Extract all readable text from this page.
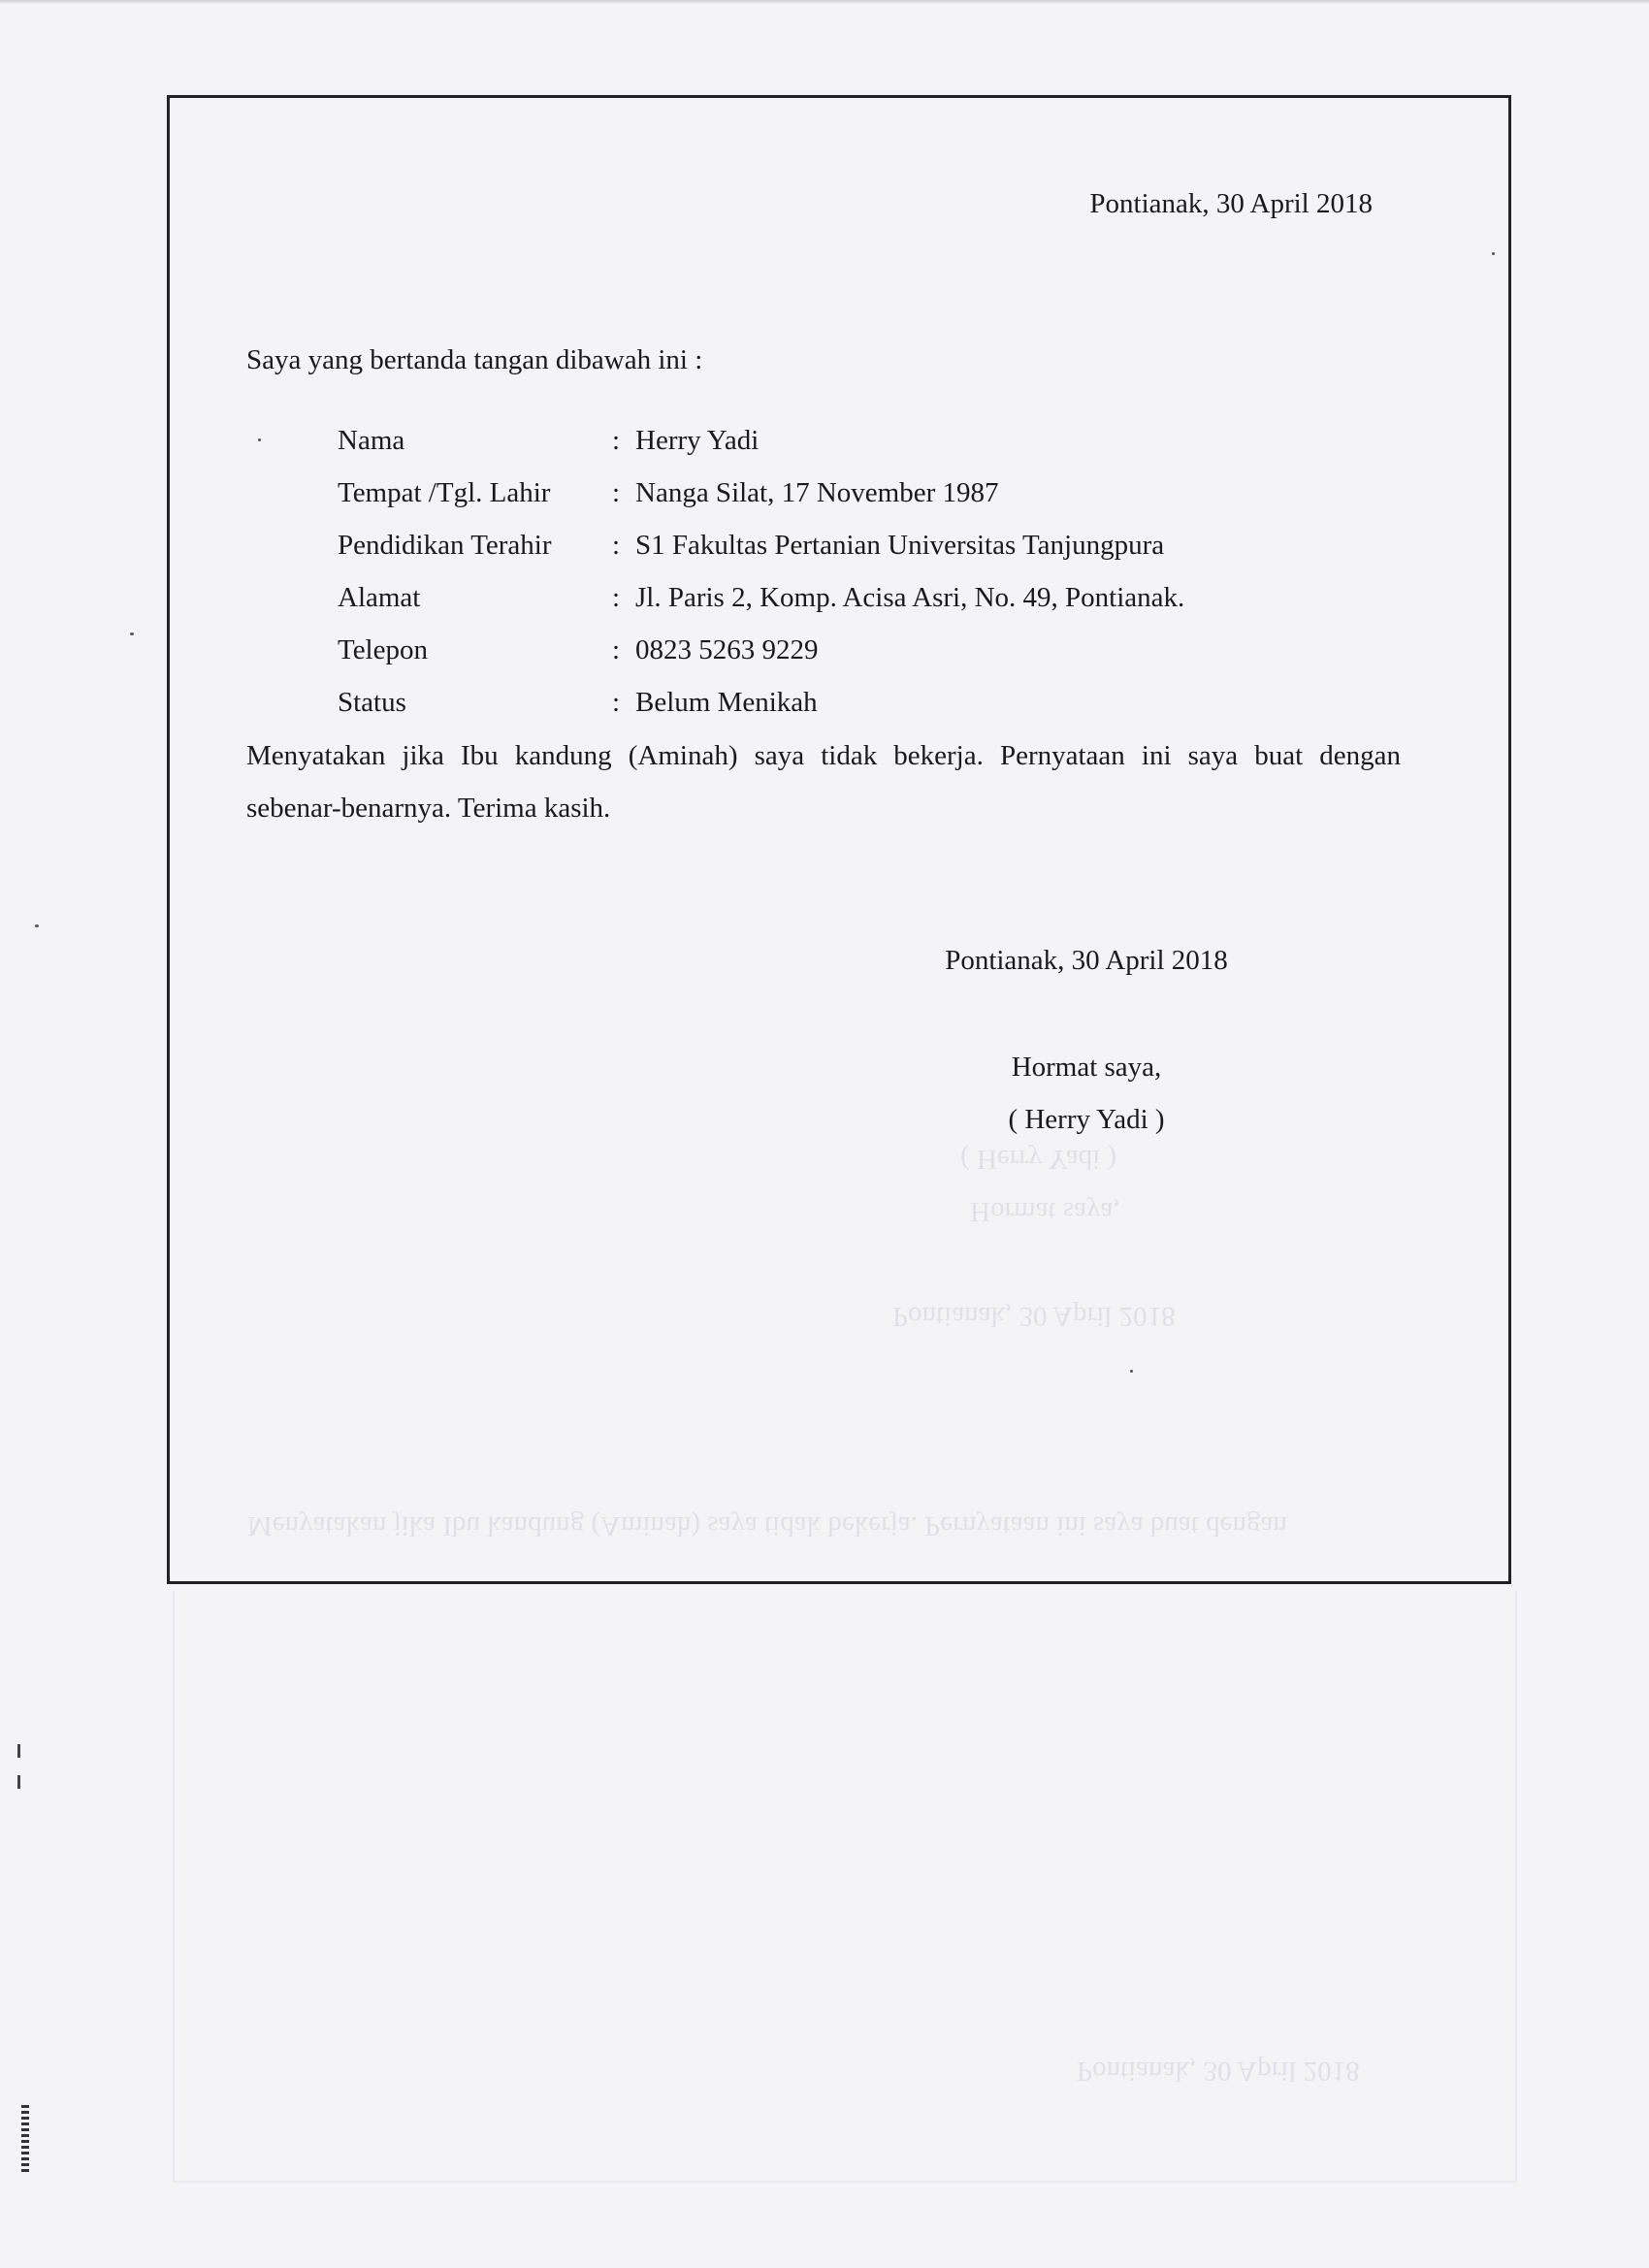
Pontianak, 30 April 2018
Hormat saya,
( Herry Yadi )
Menyatakan jika Ibu kandung (Aminah) saya tidak bekerja. Pernyataan ini saya buat dengan
Pontianak, 30 April 2018
Pontianak, 30 April 2018
Saya yang bertanda tangan dibawah ini :
Nama	: Herry Yadi
Tempat /Tgl. Lahir : Nanga Silat, 17 November 1987
Pendidikan Terahir : S1 Fakultas Pertanian Universitas Tanjungpura
Alamat	: Jl. Paris 2, Komp. Acisa Asri, No. 49, Pontianak.
Telepon	: 0823 5263 9229
Status	: Belum Menikah
Menyatakan jika Ibu kandung (Aminah) saya tidak bekerja. Pernyataan ini saya buat dengan
sebenar-benarnya. Terima kasih.
Pontianak, 30 April 2018
Hormat saya,
( Herry Yadi )
